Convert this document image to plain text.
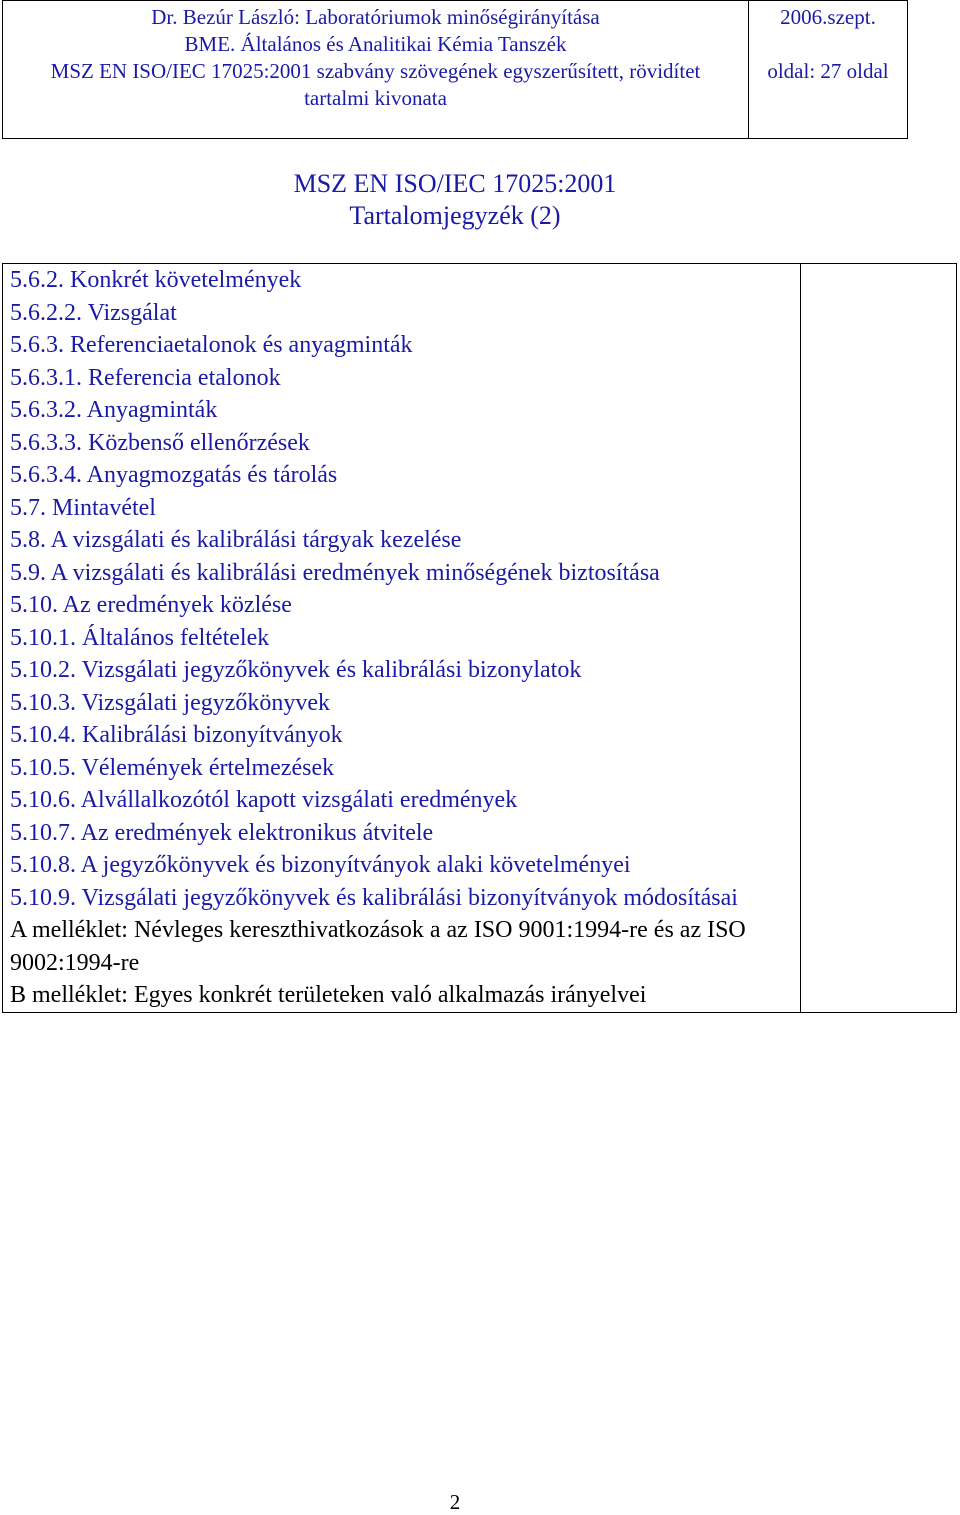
Dr. Bezúr László: Laboratóriumok minőségirányítása
BME. Általános és Analitikai Kémia Tanszék
MSZ EN ISO/IEC 17025:2001 szabvány szövegének egyszerűsített, rövidítet
tartalmi kivonata

2006.szept.
oldal: 27 oldal
MSZ EN ISO/IEC 17025:2001
Tartalomjegyzék (2)
5.6.2. Konkrét követelmények
5.6.2.2. Vizsgálat
5.6.3. Referenciaetalonok és anyagminták
5.6.3.1. Referencia etalonok
5.6.3.2. Anyagminták
5.6.3.3. Közbenső ellenőrzések
5.6.3.4. Anyagmozgatás és tárolás
5.7. Mintavétel
5.8. A vizsgálati és kalibrálási tárgyak kezelése
5.9. A vizsgálati és kalibrálási eredmények minőségének biztosítása
5.10. Az eredmények közlése
5.10.1. Általános feltételek
5.10.2. Vizsgálati jegyzőkönyvek és kalibrálási bizonylatok
5.10.3. Vizsgálati jegyzőkönyvek
5.10.4. Kalibrálási bizonyítványok
5.10.5. Vélemények értelmezések
5.10.6. Alvállalkozótól kapott vizsgálati eredmények
5.10.7. Az eredmények elektronikus átvitele
5.10.8. A jegyzőkönyvek és bizonyítványok alaki követelményei
5.10.9. Vizsgálati jegyzőkönyvek és kalibrálási bizonyítványok módosításai
A melléklet: Névleges kereszthivatkozások a az ISO 9001:1994-re és az ISO 9002:1994-re
B melléklet: Egyes konkrét területeken való alkalmazás irányelvei

2
